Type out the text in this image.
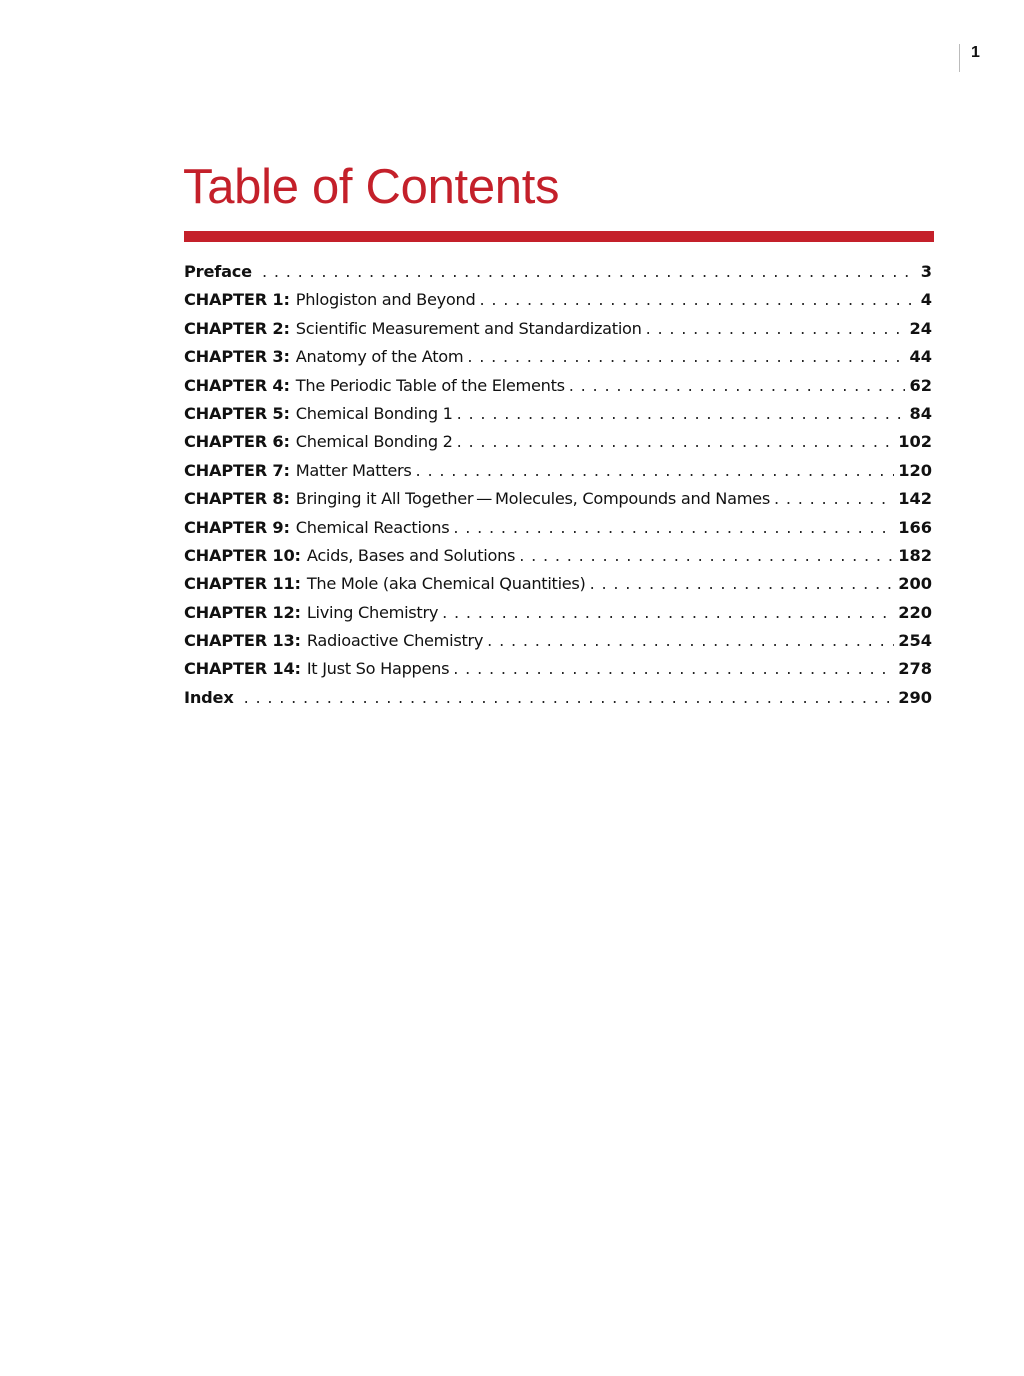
1
Table of Contents
Preface . . .	3
CHAPTER 1: Phlogiston and Beyond . . .	4
CHAPTER 2: Scientific Measurement and Standardization . . .	24
CHAPTER 3: Anatomy of the Atom . . .	44
CHAPTER 4: The Periodic Table of the Elements . . .	62
CHAPTER 5: Chemical Bonding 1 . . .	84
CHAPTER 6: Chemical Bonding 2 . . .	102
CHAPTER 7: Matter Matters . . .	120
CHAPTER 8: Bringing it All Together — Molecules, Compounds and Names . . .	142
CHAPTER 9: Chemical Reactions . . .	166
CHAPTER 10: Acids, Bases and Solutions . . .	182
CHAPTER 11: The Mole (aka Chemical Quantities) . . .	200
CHAPTER 12: Living Chemistry . . .	220
CHAPTER 13: Radioactive Chemistry . . .	254
CHAPTER 14: It Just So Happens . . .	278
Index . . .	290
